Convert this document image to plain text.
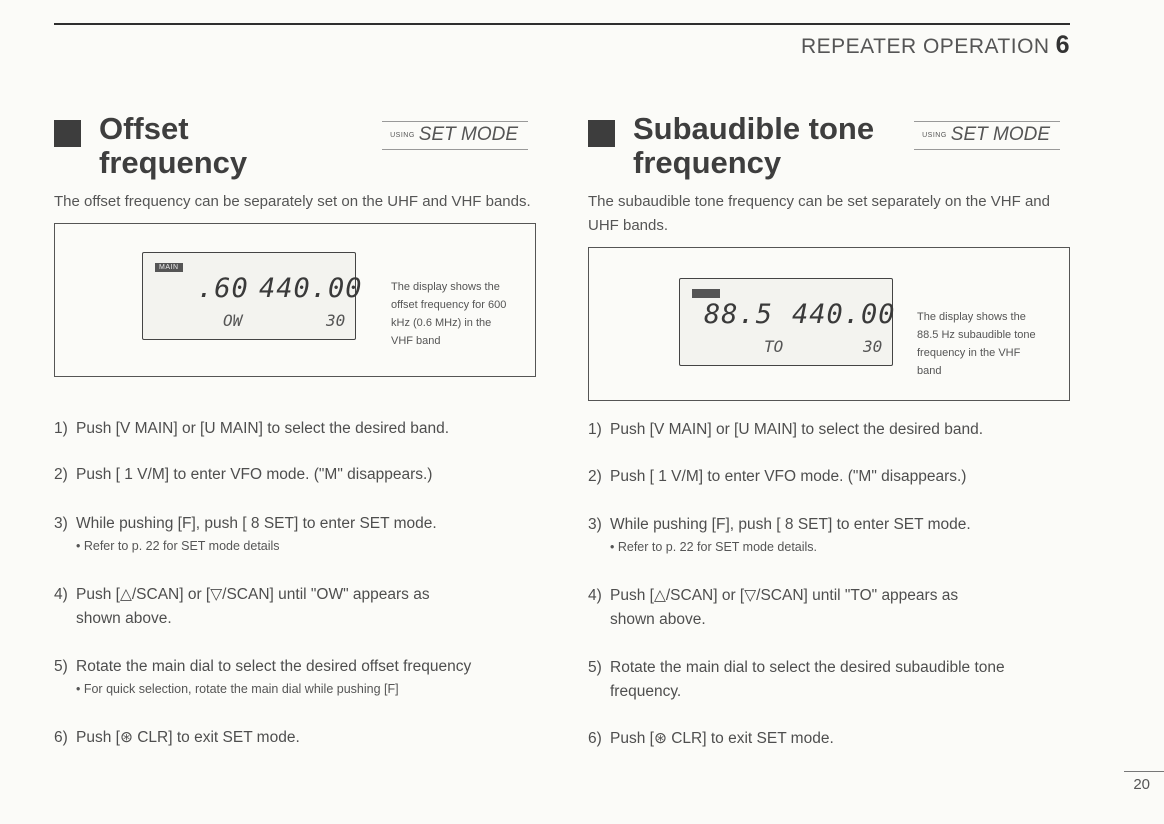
REPEATER OPERATION 6
Offset
frequency
USING SET MODE

The offset frequency can be separately set on the UHF and VHF bands.

MAIN
.60 440.00
OW	30
The display shows the offset frequency for 600 kHz (0.6 MHz) in the VHF band
1) Push [V MAIN] or [U MAIN] to select the desired band.
2) Push [ 1 V/M] to enter VFO mode. ("M" disappears.)
3) While pushing [F], push [ 8 SET] to enter SET mode.
• Refer to p. 22 for SET mode details
4) Push [△/SCAN] or [▽/SCAN] until "OW" appears as
shown above.
5) Rotate the main dial to select the desired offset frequency
• For quick selection, rotate the main dial while pushing [F]
6) Push [⊛ CLR] to exit SET mode.
Subaudible tone
frequency
USING SET MODE

The subaudible tone frequency can be set separately on the VHF and UHF bands.

88.5 440.00
TO	30
The display shows the 88.5 Hz subaudible tone frequency in the VHF band
1) Push [V MAIN] or [U MAIN] to select the desired band.
2) Push [ 1 V/M] to enter VFO mode. ("M" disappears.)
3) While pushing [F], push [ 8 SET] to enter SET mode.
• Refer to p. 22 for SET mode details.
4) Push [△/SCAN] or [▽/SCAN] until "TO" appears as
shown above.
5) Rotate the main dial to select the desired subaudible tone
frequency.
6) Push [⊛ CLR] to exit SET mode.
20
